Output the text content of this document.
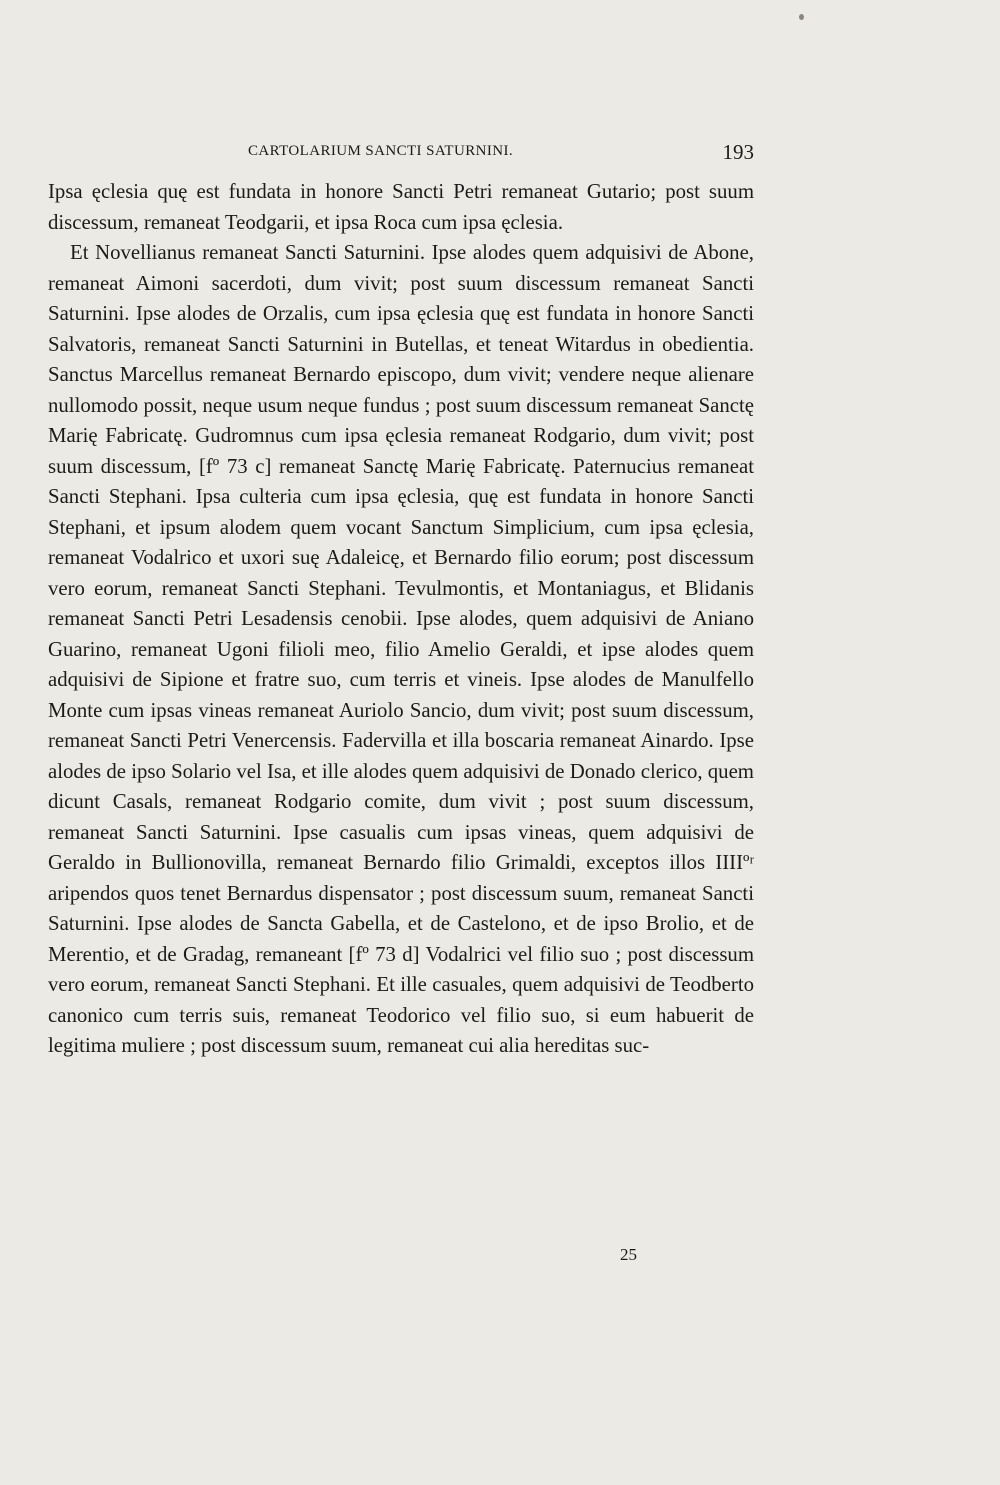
CARTOLARIUM SANCTI SATURNINI.	193

Ipsa ęclesia quę est fundata in honore Sancti Petri remaneat Gutario; post suum discessum, remaneat Teodgarii, et ipsa Roca cum ipsa ęclesia.

Et Novellianus remaneat Sancti Saturnini. Ipse alodes quem adquisivi de Abone, remaneat Aimoni sacerdoti, dum vivit; post suum discessum remaneat Sancti Saturnini. Ipse alodes de Orzalis, cum ipsa ęclesia quę est fundata in honore Sancti Salvatoris, remaneat Sancti Saturnini in Butellas, et teneat Witardus in obedientia. Sanctus Marcellus remaneat Bernardo episcopo, dum vivit; vendere neque alienare nullomodo possit, neque usum neque fundus ; post suum discessum remaneat Sanctę Marię Fabricatę. Gudromnus cum ipsa ęclesia remaneat Rodgario, dum vivit; post suum discessum, [fº 73 c] remaneat Sanctę Marię Fabricatę. Paternucius remaneat Sancti Stephani. Ipsa culteria cum ipsa ęclesia, quę est fundata in honore Sancti Stephani, et ipsum alodem quem vocant Sanctum Simplicium, cum ipsa ęclesia, remaneat Vodalrico et uxori suę Adaleicę, et Bernardo filio eorum; post discessum vero eorum, remaneat Sancti Stephani. Tevulmontis, et Montaniagus, et Blidanis remaneat Sancti Petri Lesadensis cenobii. Ipse alodes, quem adquisivi de Aniano Guarino, remaneat Ugoni filioli meo, filio Amelio Geraldi, et ipse alodes quem adquisivi de Sipione et fratre suo, cum terris et vineis. Ipse alodes de Manulfello Monte cum ipsas vineas remaneat Auriolo Sancio, dum vivit; post suum discessum, remaneat Sancti Petri Venercensis. Fadervilla et illa boscaria remaneat Ainardo. Ipse alodes de ipso Solario vel Isa, et ille alodes quem adquisivi de Donado clerico, quem dicunt Casals, remaneat Rodgario comite, dum vivit ; post suum discessum, remaneat Sancti Saturnini. Ipse casualis cum ipsas vineas, quem adquisivi de Geraldo in Bullionovilla, remaneat Bernardo filio Grimaldi, exceptos illos IIIIºʳ aripendos quos tenet Bernardus dispensator ; post discessum suum, remaneat Sancti Saturnini. Ipse alodes de Sancta Gabella, et de Castelono, et de ipso Brolio, et de Merentio, et de Gradag, remaneant [fº 73 d] Vodalrici vel filio suo ; post discessum vero eorum, remaneat Sancti Stephani. Et ille casuales, quem adquisivi de Teodberto canonico cum terris suis, remaneat Teodorico vel filio suo, si eum habuerit de legitima muliere ; post discessum suum, remaneat cui alia hereditas suc-

25
